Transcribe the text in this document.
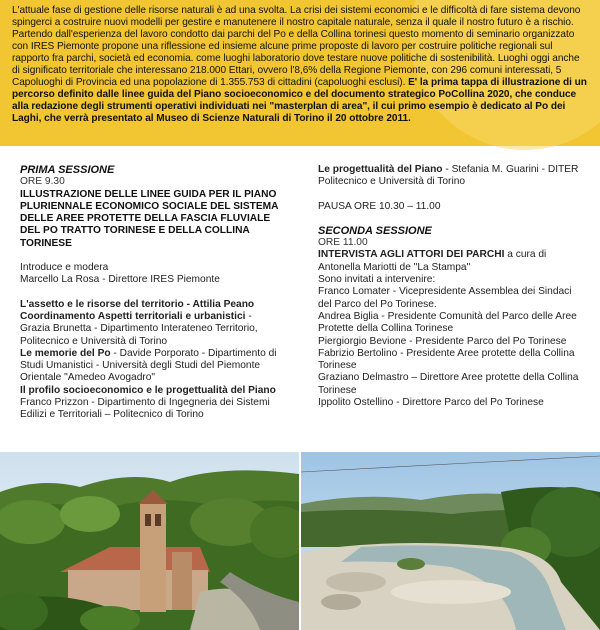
L'attuale fase di gestione delle risorse naturali è ad una svolta. La crisi dei sistemi economici e le difficoltà di fare sistema devono spingerci a costruire nuovi modelli per gestire e manutenere il nostro capitale naturale, senza il quale il nostro futuro è a rischio. Partendo dall'esperienza del lavoro condotto dai parchi del Po e della Collina torinesi questo momento di seminario organizzato con IRES Piemonte propone una riflessione ed insieme alcune prime proposte di lavoro per costruire politiche regionali sul rapporto fra parchi, società ed economia. come luoghi laboratorio dove testare nuove politiche di sostenibilità. Luoghi oggi anche di significato territoriale che interessano 218.000 Ettari, ovvero l'8,6% della Regione Piemonte, con 296 comuni interessati, 5 Capoluoghi di Provincia ed una popolazione di 1.355.753 di cittadini (capoluoghi esclusi). E' la prima tappa di illustrazione di un percorso definito dalle linee guida del Piano socioeconomico e del documento strategico PoCollina 2020, che conduce alla redazione degli strumenti operativi individuati nei "masterplan di area", il cui primo esempio è dedicato al Po dei Laghi, che verrà presentato al Museo di Scienze Naturali di Torino il 20 ottobre 2011.

PRIMA SESSIONE
ORE 9.30
ILLUSTRAZIONE DELLE LINEE GUIDA PER IL PIANO PLURIENNALE ECONOMICO SOCIALE DEL SISTEMA DELLE AREE PROTETTE DELLA FASCIA FLUVIALE DEL PO TRATTO TORINESE E DELLA COLLINA TORINESE
Introduce e modera
Marcello La Rosa - Direttore IRES Piemonte
L'assetto e le risorse del territorio - Attilia Peano Coordinamento Aspetti territoriali e urbanistici - Grazia Brunetta - Dipartimento Interateneo Territorio, Politecnico e Università di Torino
Le memorie del Po - Davide Porporato - Dipartimento di Studi Umanistici - Università degli Studi del Piemonte Orientale "Amedeo Avogadro"
Il profilo socioeconomico e le progettualità del Piano Franco Prizzon - Dipartimento di Ingegneria dei Sistemi Edilizi e Territoriali – Politecnico di Torino
Le progettualità del Piano - Stefania M. Guarini - DITER Politecnico e Università di Torino
PAUSA ORE 10.30 – 11.00
SECONDA SESSIONE
ORE 11.00
INTERVISTA AGLI ATTORI DEI PARCHI a cura di Antonella Mariotti de "La Stampa"
Sono invitati a intervenire:
Franco Lomater - Vicepresidente Assemblea dei Sindaci del Parco del Po Torinese.
Andrea Biglia - Presidente Comunità del Parco delle Aree Protette della Collina Torinese
Piergiorgio Bevione - Presidente Parco del Po Torinese
Fabrizio Bertolino - Presidente Aree protette della Collina Torinese
Graziano Delmastro – Direttore Aree protette della Collina Torinese
Ippolito Ostellino - Direttore Parco del Po Torinese
